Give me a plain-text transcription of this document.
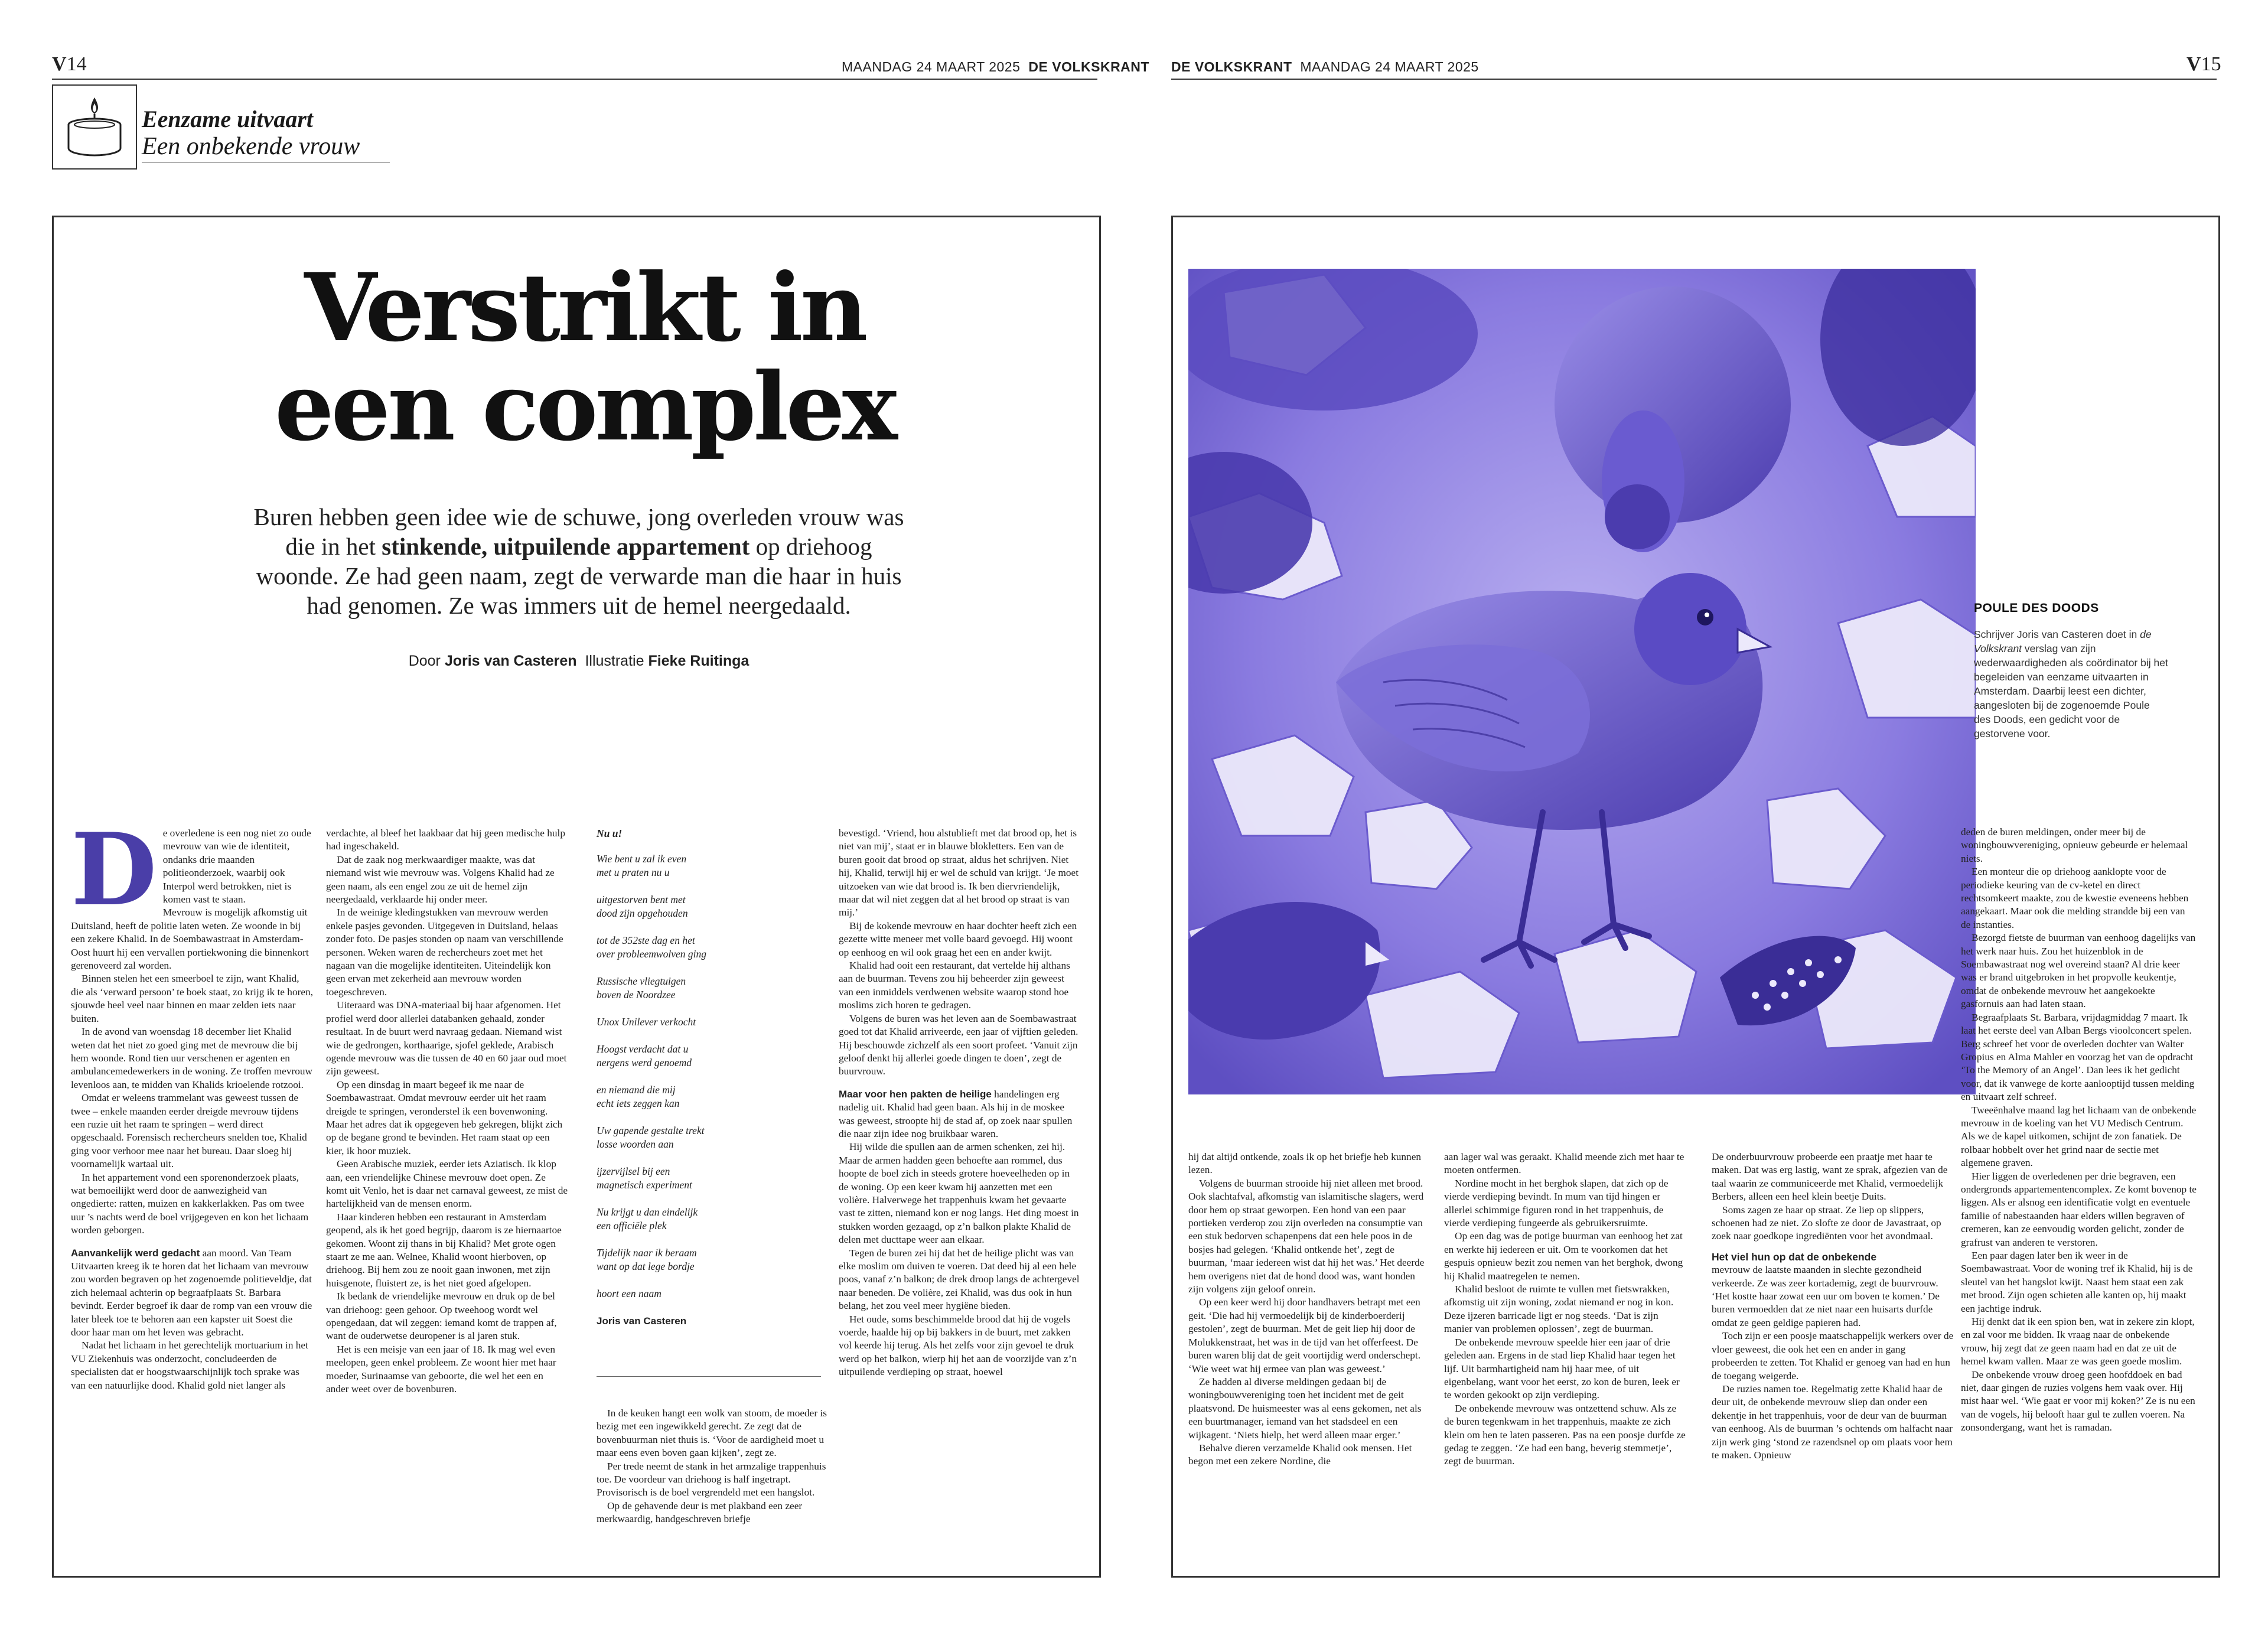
V14	MAANDAG 24 MAART 2025 DE VOLKSKRANT DE VOLKSKRANT MAANDAG 24 MAART 2025	V15
Eenzame uitvaart
Een onbekende vrouw
Verstrikt in
een complex
Buren hebben geen idee wie de schuwe, jong overleden vrouw was die in het stinkende, uitpuilende appartement op driehoog woonde. Ze had geen naam, zegt de verwarde man die haar in huis had genomen. Ze was immers uit de hemel neergedaald.
Door Joris van Casteren Illustratie Fieke Ruitinga
D e overledene is een nog niet zo oude mevrouw van wie de identiteit, ondanks drie maanden politieonderzoek, waarbij ook Interpol werd betrokken, niet is komen vast te staan.

Mevrouw is mogelijk afkomstig uit Duitsland, heeft de politie laten weten. Ze woonde in bij een zekere Khalid. In de Soembawastraat in Amsterdam-Oost huurt hij een vervallen portiekwoning die binnenkort gerenoveerd zal worden.

Binnen stelen het een smeerboel te zijn, want Khalid, die als ‘verward persoon’ te boek staat, zo krijg ik te horen, sjouwde heel veel naar binnen en maar zelden iets naar buiten.

In de avond van woensdag 18 december liet Khalid weten dat het niet zo goed ging met de mevrouw die bij hem woonde. Rond tien uur verschenen er agenten en ambulancemedewerkers in de woning. Ze troffen mevrouw levenloos aan, te midden van Khalids krioelende rotzooi.

Omdat er weleens trammelant was geweest tussen de twee – enkele maanden eerder dreigde mevrouw tijdens een ruzie uit het raam te springen – werd direct opgeschaald. Forensisch rechercheurs snelden toe, Khalid ging voor verhoor mee naar het bureau. Daar sloeg hij voornamelijk wartaal uit.

In het appartement vond een sporenonderzoek plaats, wat bemoeilijkt werd door de aanwezigheid van ongedierte: ratten, muizen en kakkerlakken. Pas om twee uur ’s nachts werd de boel vrijgegeven en kon het lichaam worden geborgen.

Aanvankelijk werd gedacht aan moord. Van Team Uitvaarten kreeg ik te horen dat het lichaam van mevrouw zou worden begraven op het zogenoemde politieveldje, dat zich helemaal achterin op begraafplaats St. Barbara bevindt. Eerder begroef ik daar de romp van een vrouw die later bleek toe te behoren aan een kapster uit Soest die door haar man om het leven was gebracht.

Nadat het lichaam in het gerechtelijk mortuarium in het VU Ziekenhuis was onderzocht, concludeerden de specialisten dat er hoogstwaarschijnlijk toch sprake was van een natuurlijke dood. Khalid gold niet langer als

verdachte, al bleef het laakbaar dat hij geen medische hulp had ingeschakeld.

Dat de zaak nog merkwaardiger maakte, was dat niemand wist wie mevrouw was. Volgens Khalid had ze geen naam, als een engel zou ze uit de hemel zijn neergedaald, verklaarde hij onder meer.

In de weinige kledingstukken van mevrouw werden enkele pasjes gevonden. Uitgegeven in Duitsland, helaas zonder foto. De pasjes stonden op naam van verschillende personen. Weken waren de rechercheurs zoet met het nagaan van die mogelijke identiteiten. Uiteindelijk kon geen ervan met zekerheid aan mevrouw worden toegeschreven.

Uiteraard was DNA-materiaal bij haar afgenomen. Het profiel werd door allerlei databanken gehaald, zonder resultaat. In de buurt werd navraag gedaan. Niemand wist wie de gedrongen, korthaarige, sjofel geklede, Arabisch ogende mevrouw was die tussen de 40 en 60 jaar oud moet zijn geweest.

Op een dinsdag in maart begeef ik me naar de Soembawastraat. Omdat mevrouw eerder uit het raam dreigde te springen, veronderstel ik een bovenwoning. Maar het adres dat ik opgegeven heb gekregen, blijkt zich op de begane grond te bevinden. Het raam staat op een kier, ik hoor muziek.

Geen Arabische muziek, eerder iets Aziatisch. Ik klop aan, een vriendelijke Chinese mevrouw doet open. Ze komt uit Venlo, het is daar net carnaval geweest, ze mist de hartelijkheid van de mensen enorm.

Haar kinderen hebben een restaurant in Amsterdam geopend, als ik het goed begrijp, daarom is ze hiernaartoe gekomen. Woont zij thans in bij Khalid? Met grote ogen staart ze me aan. Welnee, Khalid woont hierboven, op driehoog. Bij hem zou ze nooit gaan inwonen, met zijn huisgenote, fluistert ze, is het niet goed afgelopen.

Ik bedank de vriendelijke mevrouw en druk op de bel van driehoog: geen gehoor. Op tweehoog wordt wel opengedaan, dat wil zeggen: iemand komt de trappen af, want de ouderwetse deuropener is al jaren stuk.

Het is een meisje van een jaar of 18. Ik mag wel even meelopen, geen enkel probleem. Ze woont hier met haar moeder, Surinaamse van geboorte, die wel het een en ander weet over de bovenburen.

Nu u!
Wie bent u zal ik even
met u praten nu u
uitgestorven bent met
dood zijn opgehouden
tot de 352ste dag en het
over probleemwolven ging
Russische vliegtuigen
boven de Noordzee
Unox Unilever verkocht
Hoogst verdacht dat u
nergens werd genoemd
en niemand die mij
echt iets zeggen kan
Uw gapende gestalte trekt
losse woorden aan
ijzervijlsel bij een
magnetisch experiment
Nu krijgt u dan eindelijk
een officiële plek
Tijdelijk naar ik beraam
want op dat lege bordje
hoort een naam
Joris van Casteren

In de keuken hangt een wolk van stoom, de moeder is bezig met een ingewikkeld gerecht. Ze zegt dat de bovenbuurman niet thuis is. ‘Voor de aardigheid moet u maar eens even boven gaan kijken’, zegt ze.

Per trede neemt de stank in het armzalige trappenhuis toe. De voordeur van driehoog is half ingetrapt. Provisorisch is de boel vergrendeld met een hangslot.

Op de gehavende deur is met plakband een zeer merkwaardig, handgeschreven briefje

bevestigd. ‘Vriend, hou alstublieft met dat brood op, het is niet van mij’, staat er in blauwe blokletters. Een van de buren gooit dat brood op straat, aldus het schrijven. Niet hij, Khalid, terwijl hij er wel de schuld van krijgt. ‘Je moet uitzoeken van wie dat brood is. Ik ben diervriendelijk, maar dat wil niet zeggen dat al het brood op straat is van mij.’

Bij de kokende mevrouw en haar dochter heeft zich een gezette witte meneer met volle baard gevoegd. Hij woont op eenhoog en wil ook graag het een en ander kwijt.

Khalid had ooit een restaurant, dat vertelde hij althans aan de buurman. Tevens zou hij beheerder zijn geweest van een inmiddels verdwenen website waarop stond hoe moslims zich horen te gedragen.

Volgens de buren was het leven aan de Soembawastraat goed tot dat Khalid arriveerde, een jaar of vijftien geleden. Hij beschouwde zichzelf als een soort profeet. ‘Vanuit zijn geloof denkt hij allerlei goede dingen te doen’, zegt de buurvrouw.

Maar voor hen pakten de heilige handelingen erg nadelig uit. Khalid had geen baan. Als hij in de moskee was geweest, stroopte hij de stad af, op zoek naar spullen die naar zijn idee nog bruikbaar waren.

Hij wilde die spullen aan de armen schenken, zei hij. Maar de armen hadden geen behoefte aan rommel, dus hoopte de boel zich in steeds grotere hoeveelheden op in de woning. Op een keer kwam hij aanzetten met een volière. Halverwege het trappenhuis kwam het gevaarte vast te zitten, niemand kon er nog langs. Het ding moest in stukken worden gezaagd, op z’n balkon plakte Khalid de delen met ducttape weer aan elkaar.

Tegen de buren zei hij dat het de heilige plicht was van elke moslim om duiven te voeren. Dat deed hij al een hele poos, vanaf z’n balkon; de drek droop langs de achtergevel naar beneden. De volière, zei Khalid, was dus ook in hun belang, het zou veel meer hygiëne bieden.

Het oude, soms beschimmelde brood dat hij de vogels voerde, haalde hij op bij bakkers in de buurt, met zakken vol keerde hij terug. Als het zelfs voor zijn gevoel te druk werd op het balkon, wierp hij het aan de voorzijde van z’n uitpuilende verdieping op straat, hoewel

POULE DES DOODS
Schrijver Joris van Casteren doet in de Volkskrant verslag van zijn wederwaardigheden als coördinator bij het begeleiden van eenzame uitvaarten in Amsterdam. Daarbij leest een dichter, aangesloten bij de zogenoemde Poule des Doods, een gedicht voor de gestorvene voor.

hij dat altijd ontkende, zoals ik op het briefje heb kunnen lezen.

Volgens de buurman strooide hij niet alleen met brood. Ook slachtafval, afkomstig van islamitische slagers, werd door hem op straat geworpen. Een hond van een paar portieken verderop zou zijn overleden na consumptie van een stuk bedorven schapenpens dat een hele poos in de bosjes had gelegen. ‘Khalid ontkende het’, zegt de buurman, ‘maar iedereen wist dat hij het was.’ Het deerde hem overigens niet dat de hond dood was, want honden zijn volgens zijn geloof onrein.

Op een keer werd hij door handhavers betrapt met een geit. ‘Die had hij vermoedelijk bij de kinderboerderij gestolen’, zegt de buurman. Met de geit liep hij door de Molukkenstraat, het was in de tijd van het offerfeest. De buren waren blij dat de geit voortijdig werd onderschept. ‘Wie weet wat hij ermee van plan was geweest.’

Ze hadden al diverse meldingen gedaan bij de woningbouwvereniging toen het incident met de geit plaatsvond. De huismeester was al eens gekomen, net als een buurtmanager, iemand van het stadsdeel en een wijkagent. ‘Niets hielp, het werd alleen maar erger.’

Behalve dieren verzamelde Khalid ook mensen. Het begon met een zekere Nordine, die

aan lager wal was geraakt. Khalid meende zich met haar te moeten ontfermen.

Nordine mocht in het berghok slapen, dat zich op de vierde verdieping bevindt. In mum van tijd hingen er allerlei schimmige figuren rond in het trappenhuis, de vierde verdieping fungeerde als gebruikersruimte.

Op een dag was de potige buurman van eenhoog het zat en werkte hij iedereen er uit. Om te voorkomen dat het gespuis opnieuw bezit zou nemen van het berghok, dwong hij Khalid maatregelen te nemen.

Khalid besloot de ruimte te vullen met fietswrakken, afkomstig uit zijn woning, zodat niemand er nog in kon. Deze ijzeren barricade ligt er nog steeds. ‘Dat is zijn manier van problemen oplossen’, zegt de buurman.

De onbekende mevrouw speelde hier een jaar of drie geleden aan. Ergens in de stad liep Khalid haar tegen het lijf. Uit barmhartigheid nam hij haar mee, of uit eigenbelang, want voor het eerst, zo kon de buren, leek er te worden gekookt op zijn verdieping.

De onbekende mevrouw was ontzettend schuw. Als ze de buren tegenkwam in het trappenhuis, maakte ze zich klein om hen te laten passeren. Pas na een poosje durfde ze gedag te zeggen. ‘Ze had een bang, beverig stemmetje’, zegt de buurman.

De onderbuurvrouw probeerde een praatje met haar te maken. Dat was erg lastig, want ze sprak, afgezien van de taal waarin ze communiceerde met Khalid, vermoedelijk Berbers, alleen een heel klein beetje Duits.

Soms zagen ze haar op straat. Ze liep op slippers, schoenen had ze niet. Zo slofte ze door de Javastraat, op zoek naar goedkope ingrediënten voor het avondmaal.

Het viel hun op dat de onbekende

mevrouw de laatste maanden in slechte gezondheid verkeerde. Ze was zeer kortademig, zegt de buurvrouw. ‘Het kostte haar zowat een uur om boven te komen.’ De buren vermoedden dat ze niet naar een huisarts durfde omdat ze geen geldige papieren had.

Toch zijn er een poosje maatschappelijk werkers over de vloer geweest, die ook het een en ander in gang probeerden te zetten. Tot Khalid er genoeg van had en hun de toegang weigerde.

De ruzies namen toe. Regelmatig zette Khalid haar de deur uit, de onbekende mevrouw sliep dan onder een dekentje in het trappenhuis, voor de deur van de buurman van eenhoog. Als de buurman ’s ochtends om halfacht naar zijn werk ging ‘stond ze razendsnel op om plaats voor hem te maken. Opnieuw

deden de buren meldingen, onder meer bij de woningbouwvereniging, opnieuw gebeurde er helemaal niets.

Een monteur die op driehoog aanklopte voor de periodieke keuring van de cv-ketel en direct rechtsomkeert maakte, zou de kwestie eveneens hebben aangekaart. Maar ook die melding strandde bij een van de instanties.

Bezorgd fietste de buurman van eenhoog dagelijks van het werk naar huis. Zou het huizenblok in de Soembawastraat nog wel overeind staan? Al drie keer was er brand uitgebroken in het propvolle keukentje, omdat de onbekende mevrouw het aangekoekte gasfornuis aan had laten staan.

Begraafplaats St. Barbara, vrijdagmiddag 7 maart. Ik laat het eerste deel van Alban Bergs vioolconcert spelen. Berg schreef het voor de overleden dochter van Walter Gropius en Alma Mahler en voorzag het van de opdracht ‘To the Memory of an Angel’. Dan lees ik het gedicht voor, dat ik vanwege de korte aanlooptijd tussen melding en uitvaart zelf schreef.

Tweeënhalve maand lag het lichaam van de onbekende mevrouw in de koeling van het VU Medisch Centrum. Als we de kapel uitkomen, schijnt de zon fanatiek. De rolbaar hobbelt over het grind naar de sectie met algemene graven.

Hier liggen de overledenen per drie begraven, een ondergronds appartementencomplex. Ze komt bovenop te liggen. Als er alsnog een identificatie volgt en eventuele familie of nabestaanden haar elders willen begraven of cremeren, kan ze eenvoudig worden gelicht, zonder de grafrust van anderen te verstoren.

Een paar dagen later ben ik weer in de Soembawastraat. Voor de woning tref ik Khalid, hij is de sleutel van het hangslot kwijt. Naast hem staat een zak met brood. Zijn ogen schieten alle kanten op, hij maakt een jachtige indruk.

Hij denkt dat ik een spion ben, wat in zekere zin klopt, en zal voor me bidden. Ik vraag naar de onbekende vrouw, hij zegt dat ze geen naam had en dat ze uit de hemel kwam vallen. Maar ze was geen goede moslim.

De onbekende vrouw droeg geen hoofddoek en bad niet, daar gingen de ruzies volgens hem vaak over. Hij mist haar wel. ‘Wie gaat er voor mij koken?’ Ze is nu een van de vogels, hij belooft haar gul te zullen voeren. Na zonsondergang, want het is ramadan.
